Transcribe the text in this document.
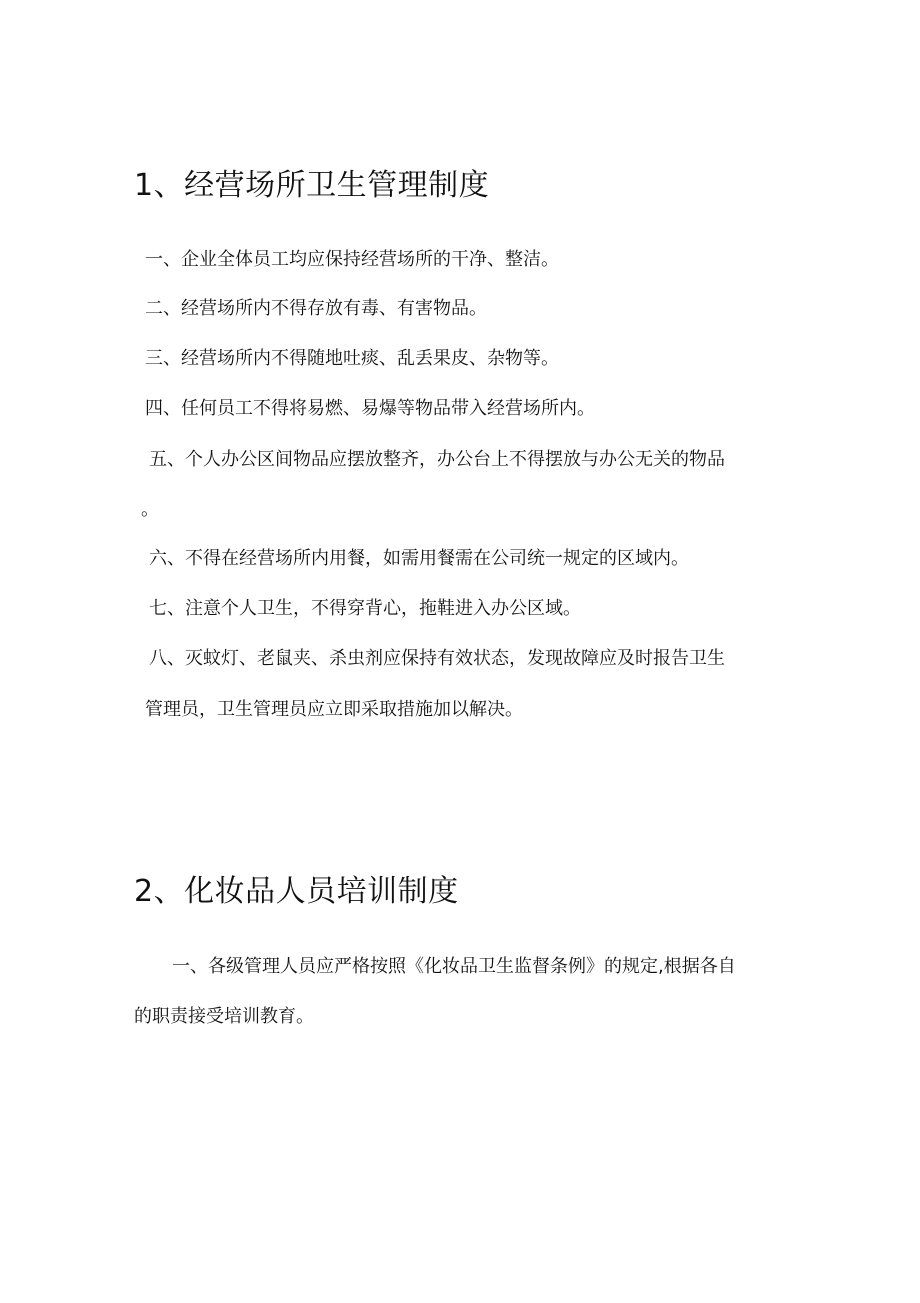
1、经营场所卫生管理制度

一、企业全体员工均应保持经营场所的干净、整洁。

二、经营场所内不得存放有毒、有害物品。

三、经营场所内不得随地吐痰、乱丢果皮、杂物等。

四、任何员工不得将易燃、易爆等物品带入经营场所内。

五、个人办公区间物品应摆放整齐，办公台上不得摆放与办公无关的物品

。

六、不得在经营场所内用餐，如需用餐需在公司统一规定的区域内。

七、注意个人卫生，不得穿背心，拖鞋进入办公区域。

八、灭蚊灯、老鼠夹、杀虫剂应保持有效状态，发现故障应及时报告卫生

管理员，卫生管理员应立即采取措施加以解决。

2、化妆品人员培训制度

一、各级管理人员应严格按照《化妆品卫生监督条例》的规定,根据各自

的职责接受培训教育。
